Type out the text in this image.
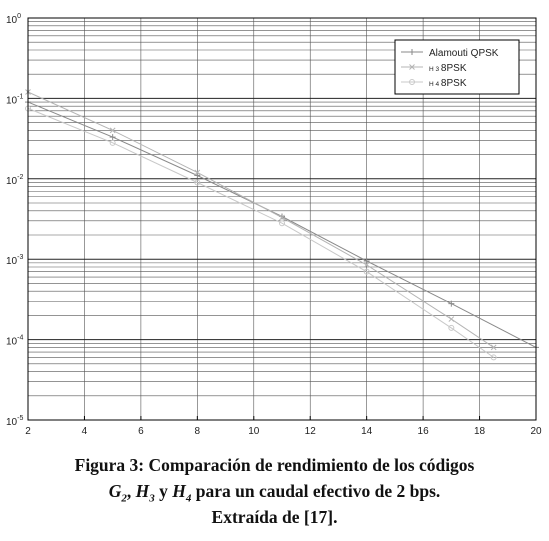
2	4	6	8	10	12	14	16	18	20
$10^{-5}$
$10^{-4}$
$10^{-3}$
$10^{-2}$
$10^{-1}$
$10^0$
Alamouti QPSK
H 3 8PSK
H 4 8PSK
Figura 3: Comparación de rendimiento de los códigos
$G_2$, $H_3$ y $H_4$ para un caudal efectivo de 2 bps.
Extraída de [17].
